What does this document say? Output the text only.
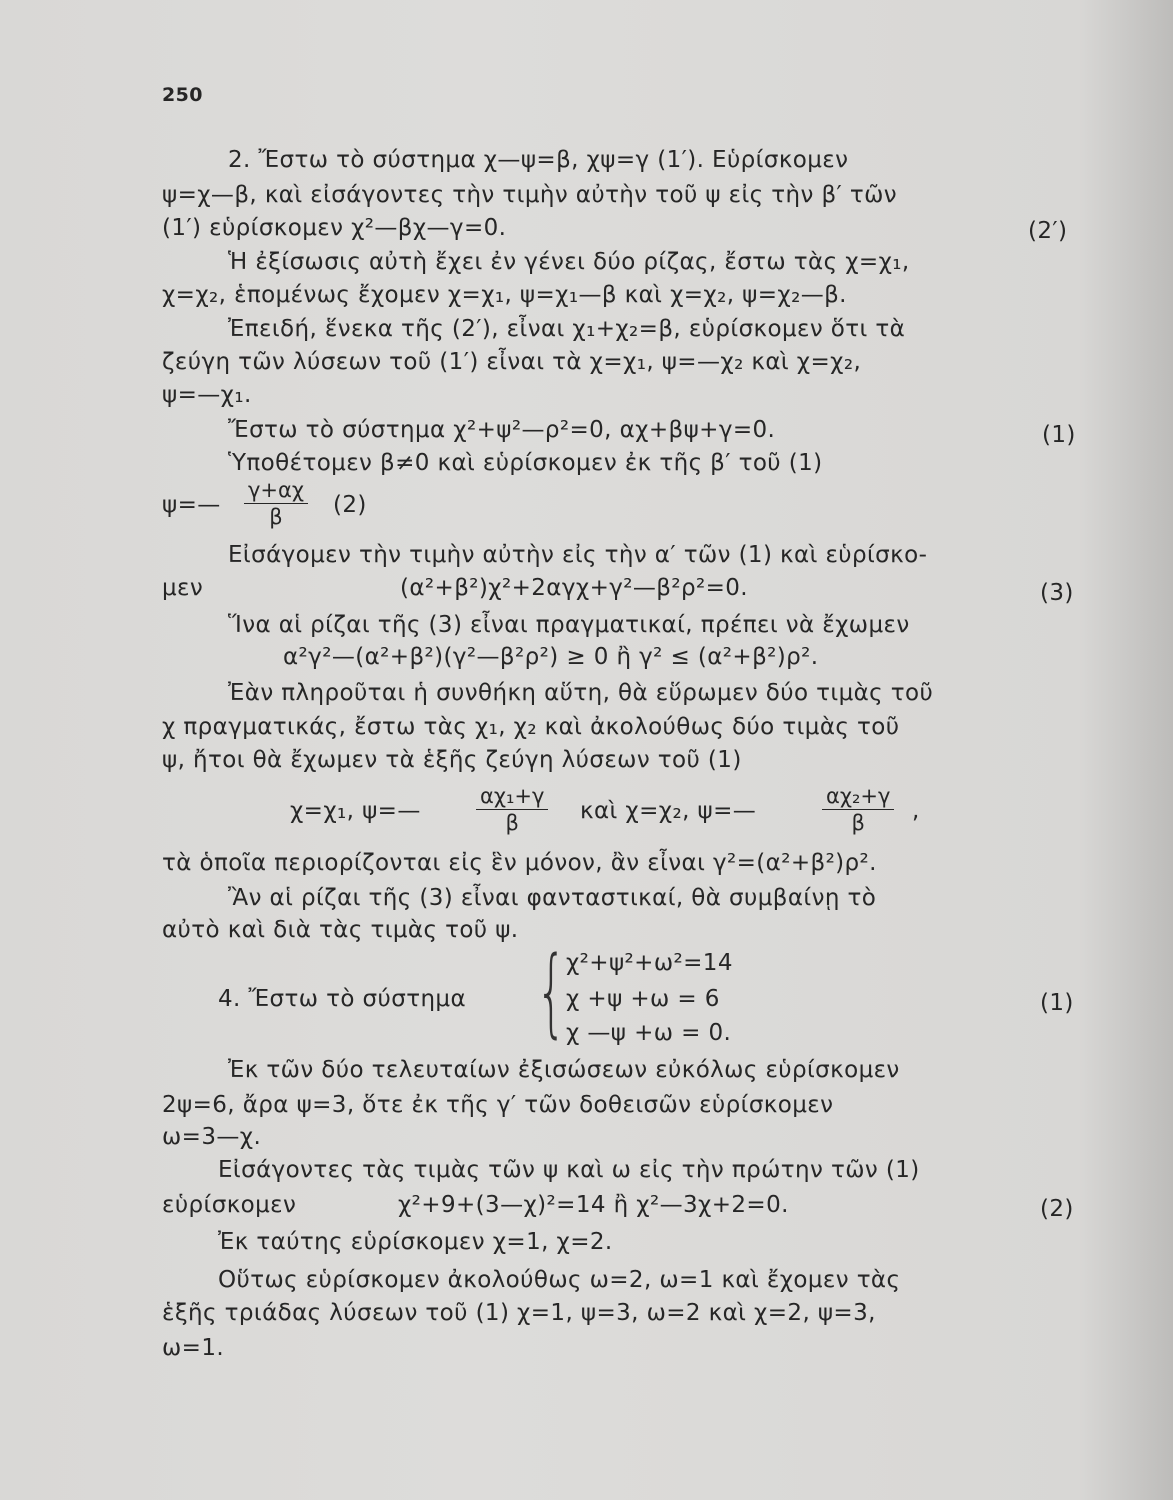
250
2. Ἔστω τὸ σύστημα χ—ψ=β, χψ=γ (1′). Εὑρίσκομεν
ψ=χ—β, καὶ εἰσάγοντες τὴν τιμὴν αὐτὴν τοῦ ψ εἰς τὴν β′ τῶν
(1′) εὑρίσκομεν χ²—βχ—γ=0.	(2′)
Ἡ ἐξίσωσις αὐτὴ ἔχει ἐν γένει δύο ρίζας, ἔστω τὰς χ=χ₁,
χ=χ₂, ἑπομένως ἔχομεν χ=χ₁, ψ=χ₁—β καὶ χ=χ₂, ψ=χ₂—β.
Ἐπειδή, ἕνεκα τῆς (2′), εἶναι χ₁+χ₂=β, εὑρίσκομεν ὅτι τὰ
ζεύγη τῶν λύσεων τοῦ (1′) εἶναι τὰ χ=χ₁, ψ=—χ₂ καὶ χ=χ₂,
ψ=—χ₁.
Ἔστω τὸ σύστημα χ²+ψ²—ρ²=0, αχ+βψ+γ=0.	(1)
Ὑποθέτομεν β≠0 καὶ εὑρίσκομεν ἐκ τῆς β′ τοῦ (1)
ψ=— $\frac{\gamma+\alpha\chi}{\beta} (2)$
Εἰσάγομεν τὴν τιμὴν αὐτὴν εἰς τὴν α′ τῶν (1) καὶ εὑρίσκο-
μεν	(α²+β²)χ²+2αγχ+γ²—β²ρ²=0.	(3)
Ἵνα αἱ ρίζαι τῆς (3) εἶναι πραγματικαί, πρέπει νὰ ἔχωμεν
α²γ²—(α²+β²)(γ²—β²ρ²) ≥ 0 ἢ γ² ≤ (α²+β²)ρ².
Ἐὰν πληροῦται ἡ συνθήκη αὕτη, θὰ εὕρωμεν δύο τιμὰς τοῦ
χ πραγματικάς, ἔστω τὰς χ₁, χ₂ καὶ ἀκολούθως δύο τιμὰς τοῦ
ψ, ἤτοι θὰ ἔχωμεν τὰ ἑξῆς ζεύγη λύσεων τοῦ (1)
χ=χ₁, ψ=—	$\frac{\text{αχ₁+γ}}{\beta}$ καὶ χ=χ₂, ψ=—	$\frac{\text{αχ₂+γ}}{\beta}$ ,
τὰ ὁποῖα περιορίζονται εἰς ἓν μόνον, ἂν εἶναι γ²=(α²+β²)ρ².
Ἂν αἱ ρίζαι τῆς (3) εἶναι φανταστικαί, θὰ συμβαίνῃ τὸ
αὐτὸ καὶ διὰ τὰς τιμὰς τοῦ ψ.
4. Ἔστω τὸ σύστημα { χ²+ψ²+ω²=14
χ +ψ +ω = 6
χ —ψ +ω = 0.
(1)
Ἐκ τῶν δύο τελευταίων ἐξισώσεων εὐκόλως εὑρίσκομεν
2ψ=6, ἄρα ψ=3, ὅτε ἐκ τῆς γ′ τῶν δοθεισῶν εὑρίσκομεν
ω=3—χ.
Εἰσάγοντες τὰς τιμὰς τῶν ψ καὶ ω εἰς τὴν πρώτην τῶν (1)
εὑρίσκομεν	χ²+9+(3—χ)²=14 ἢ χ²—3χ+2=0.	(2)
Ἐκ ταύτης εὑρίσκομεν χ=1, χ=2.
Οὕτως εὑρίσκομεν ἀκολούθως ω=2, ω=1 καὶ ἔχομεν τὰς
ἑξῆς τριάδας λύσεων τοῦ (1) χ=1, ψ=3, ω=2 καὶ χ=2, ψ=3,
ω=1.
